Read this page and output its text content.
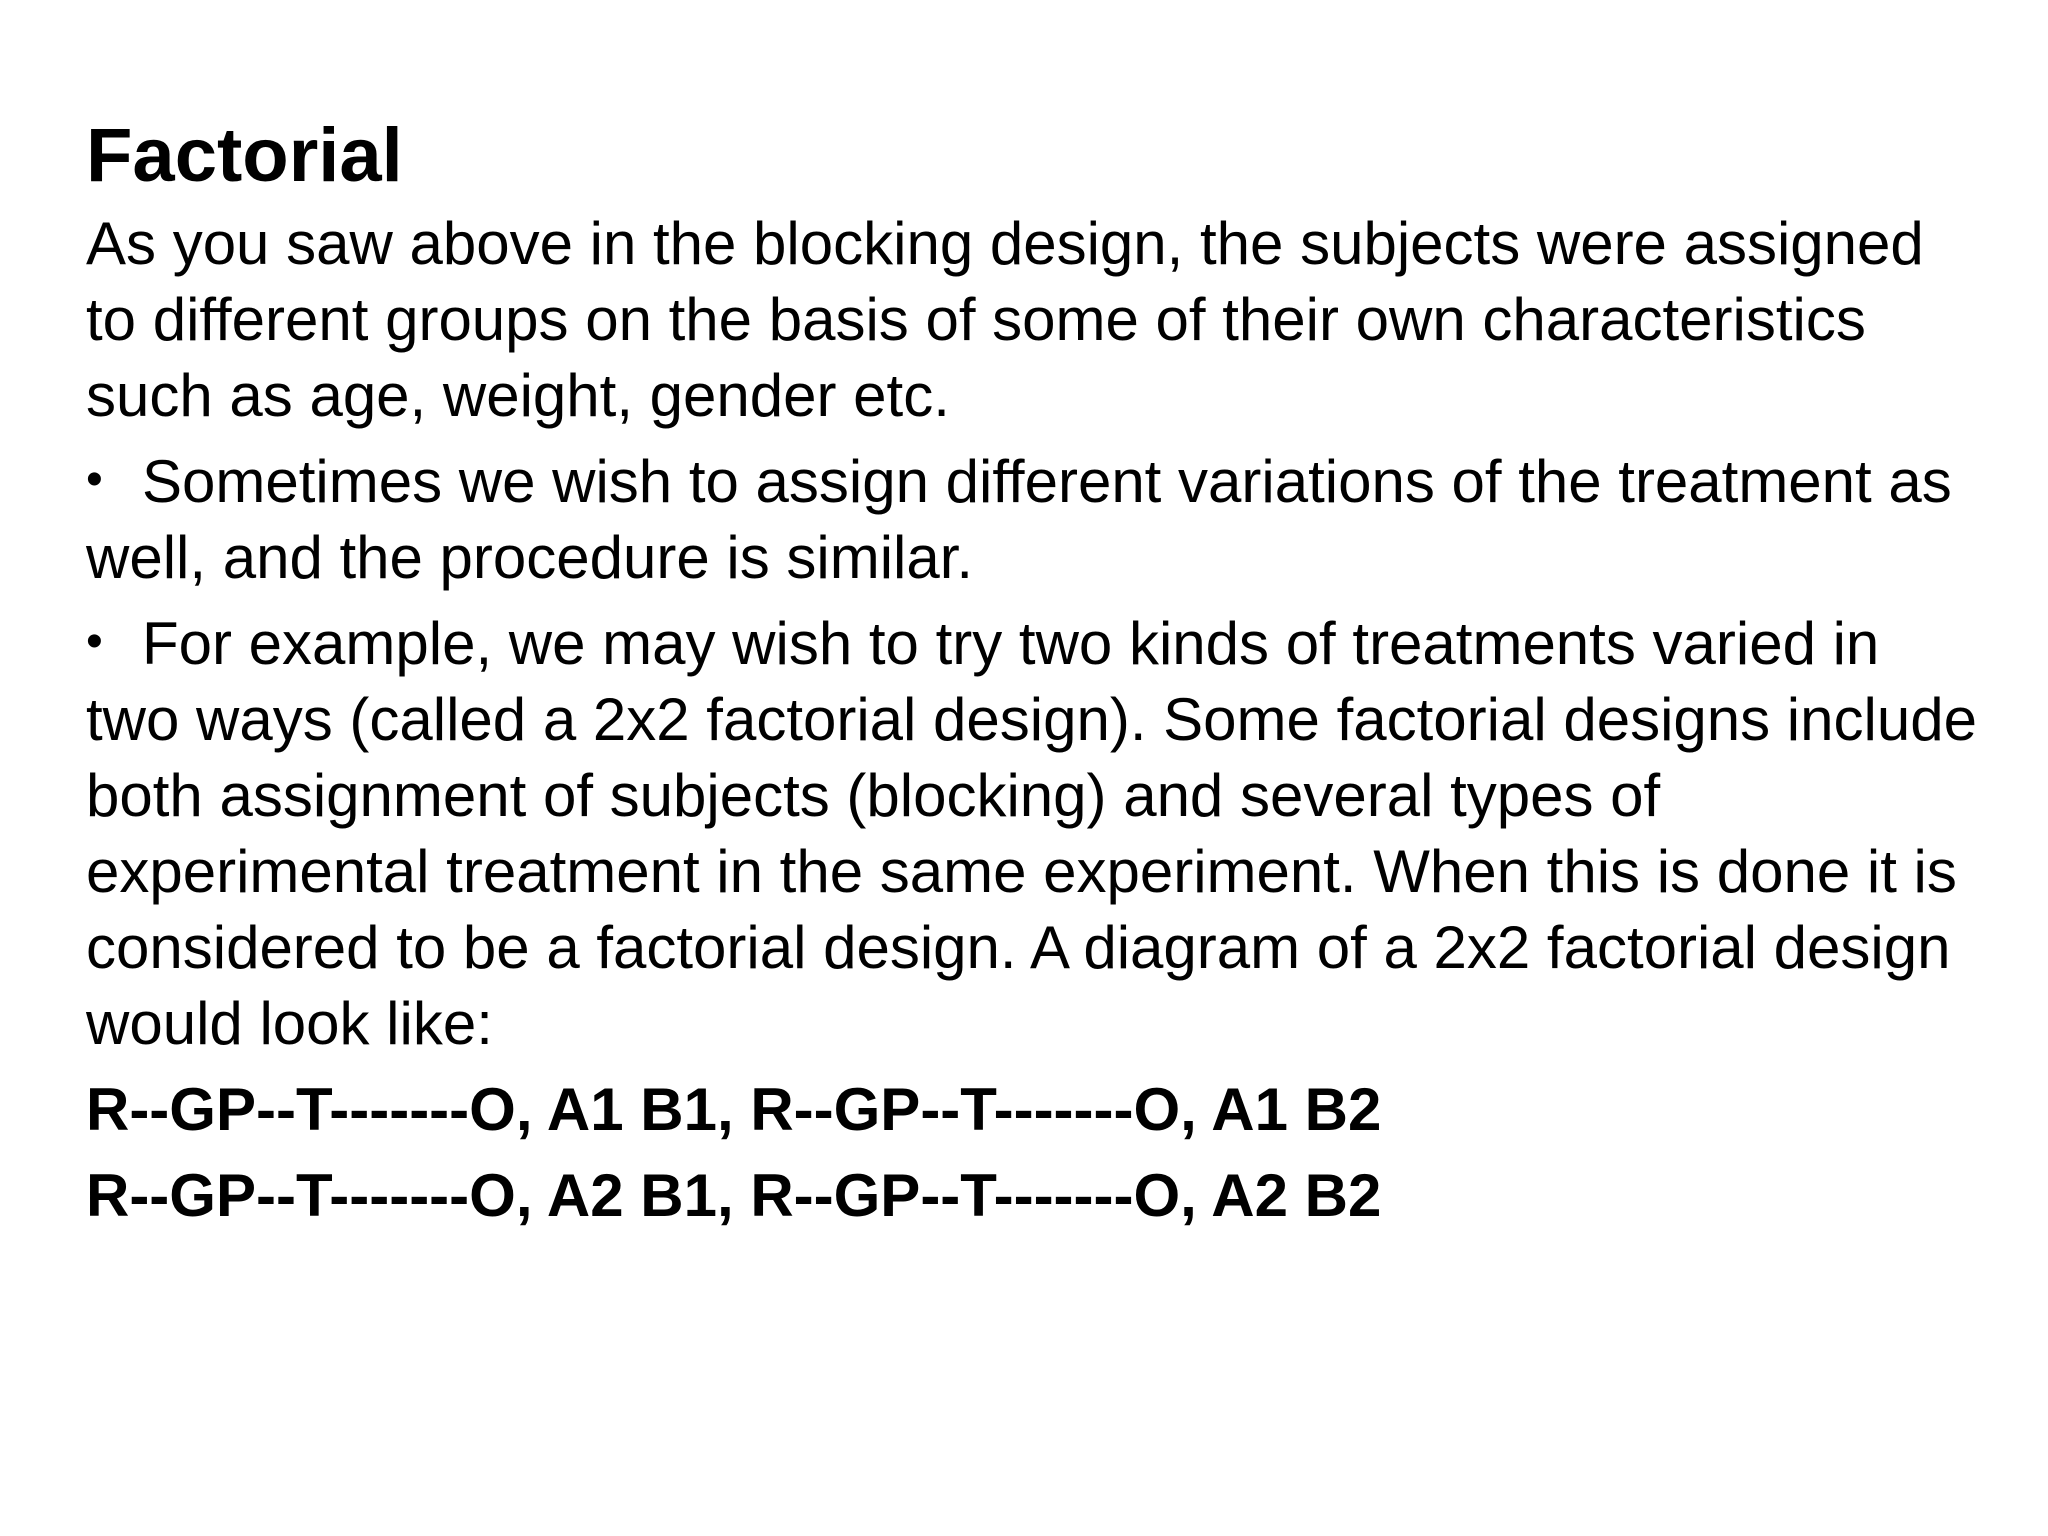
Factorial

As you saw above in the blocking design, the subjects were assigned to different groups on the basis of some of their own characteristics such as age, weight, gender etc.

• Sometimes we wish to assign different variations of the treatment as well, and the procedure is similar.

• For example, we may wish to try two kinds of treatments varied in two ways (called a 2x2 factorial design). Some factorial designs include both assignment of subjects (blocking) and several types of experimental treatment in the same experiment. When this is done it is considered to be a factorial design. A diagram of a 2x2 factorial design would look like:

R--GP--T-------O, A1 B1, R--GP--T-------O, A1 B2

R--GP--T-------O, A2 B1, R--GP--T-------O, A2 B2
